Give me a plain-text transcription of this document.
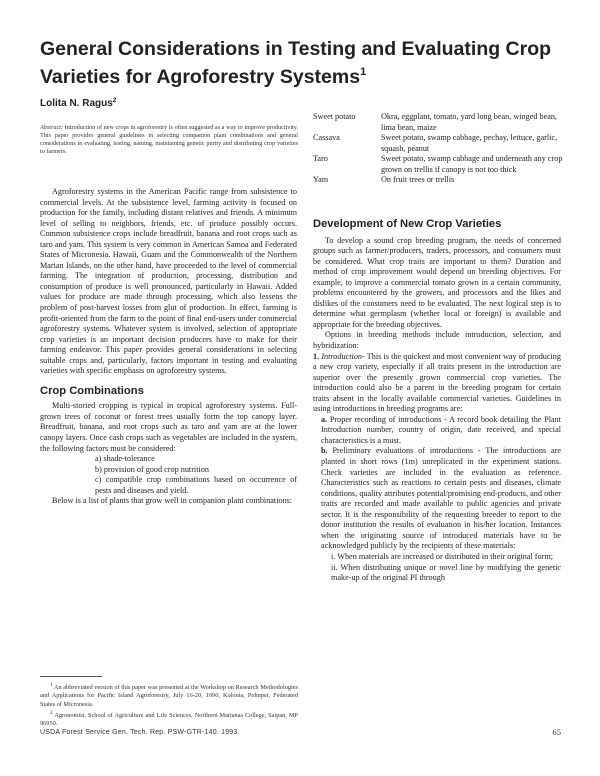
General Considerations in Testing and Evaluating Crop
Varieties for Agroforestry Systems$^1$
Lolita N. Ragus$^2$
Abstract: Introduction of new crops in agroforestry is often suggested as a way to improve productivity. This paper provides general guidelines in selecting companion plant combinations and general considerations in evaluating, testing, naming, maintaining genetic purity and distributing crop varieties to farmers.

Agroforestry systems in the American Pacific range from subsistence to commercial levels. At the subsistence level, farming activity is focused on production for the family, including distant relatives and friends. A minimum level of selling to neighbors, friends, etc. of produce possibly occurs. Common subsistence crops include breadfruit, banana and root crops such as taro and yam. This system is very common in American Samoa and Federated States of Micronesia. Hawaii, Guam and the Commonwealth of the Northern Marian Islands, on the other hand, have proceeded to the level of commercial farming. The integration of production, processing, distribution and consumption of produce is well pronounced, particularly in Hawaii. Added values for produce are made through processing, which also lessens the problem of post-harvest losses from glut of production. In effect, farming is profit-oriented from the farm to the point of final end-users under commercial agroforestry systems. Whatever system is involved, selection of appropriate crop varieties is an important decision producers have to make for their farming endeavor. This paper provides general considerations in selecting suitable crops and, particularly, factors important in testing and evaluating varieties with specific emphasis on agroforestry systems.

Crop Combinations

Multi-storied cropping is typical in tropical agroforestry systems. Full-grown trees of coconut or forest trees usually form the top canopy layer. Breadfruit, banana, and root crops such as taro and yam are at the lower canopy layers. Once cash crops such as vegetables are included in the system, the following factors must be considered:

a) shade-tolerance

b) provision of good crop nutrition

c) compatible crop combinations based on occurrence of pests and diseases and yield.

Below is a list of plants that grow well in companion plant combinations:

Sweet potato	Okra, eggplant, tomato, yard long bean, winged bean, lima bean, maize
Cassava	Sweet potato, swamp cabbage, pechay, lettuce, garlic, squash, peanut
Taro	Sweet potato, swamp cabbage and underneath any crop grown on trellis if canopy is not too thick
Yam	On fruit trees or trellis
Development of New Crop Varieties

To develop a sound crop breeding program, the needs of concerned groups such as farmer/producers, traders, processors, and consumers must be considered. What crop traits are important to them? Duration and method of crop improvement would depend on breeding objectives. For example, to improve a commercial tomato grown in a certain community, problems encountered by the growers, and processors and the likes and dislikes of the consumers need to be evaluated. The next logical step is to determine what germplasm (whether local or foreign) is available and appropriate for the breeding objectives.

Options in breeding methods include introduction, selection, and hybridization:

1. Introduction- This is the quickest and most convenient way of producing a new crop variety, especially if all traits present in the introduction are superior over the presently grown commercial crop varieties. The introduction could also be a parent in the breeding program for certain traits absent in the locally available commercial varieties. Guidelines in using introductions in breeding programs are:

a. Proper recording of introductions - A record book detailing the Plant Introduction number, country of origin, date received, and special characteristics is a must.

b. Preliminary evaluations of introductions - The introductions are planted in short rows (1m) unreplicated in the experiment stations. Check varieties are included in the evaluation as reference. Characteristics such as reactions to certain pests and diseases, climate conditions, quality attributes potential/promising end-products, and other traits are recorded and made available to public agencies and private sector. It is the responsibility of the requesting breeder to report to the donor institution the results of evaluation in his/her location. Instances when the originating source of introduced materials have to be acknowledged publicly by the recipients of these materials:

i. When materials are increased or distributed in their original form;

ii. When distributing unique or novel line by modifying the genetic make-up of the original PI through

$^1$ An abbreviated version of this paper was presented at the Workshop on Research Methodologies and Applications for Pacific Island Agroforestry, July 16-20, 1990, Kolonia, Pohnpei, Federated States of Micronesia.

$^2$ Agronomist, School of Agriculture and Life Sciences, Northern Marianas College, Saipan, MP 96950.

USDA Forest Service Gen. Tech. Rep. PSW-GTR-140. 1993.	65
